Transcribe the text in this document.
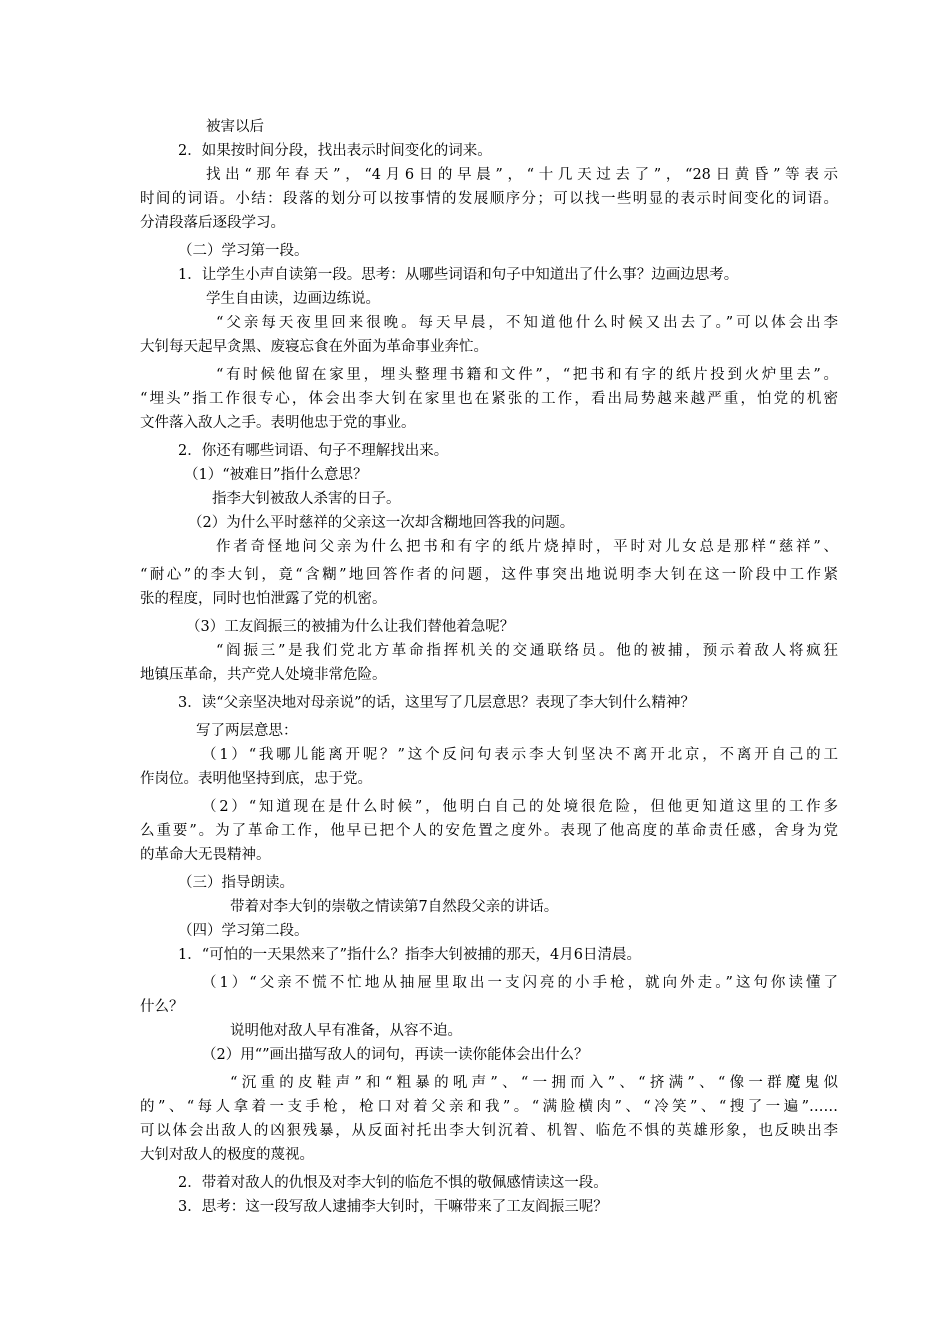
被害以后
2．如果按时间分段，找出表示时间变化的词来。
找出“那年春天”，“4月6日的早晨”，“十几天过去了”，“28日黄昏”等表示
时间的词语。小结：段落的划分可以按事情的发展顺序分；可以找一些明显的表示时间变化的词语。
分清段落后逐段学习。
（二）学习第一段。
1．让学生小声自读第一段。思考：从哪些词语和句子中知道出了什么事？边画边思考。
学生自由读，边画边练说。
“父亲每天夜里回来很晚。每天早晨，不知道他什么时候又出去了。”可以体会出李
大钊每天起早贪黑、废寝忘食在外面为革命事业奔忙。
“有时候他留在家里，埋头整理书籍和文件”，“把书和有字的纸片投到火炉里去”。
“埋头”指工作很专心，体会出李大钊在家里也在紧张的工作，看出局势越来越严重，怕党的机密
文件落入敌人之手。表明他忠于党的事业。
2．你还有哪些词语、句子不理解找出来。
（1）“被难日”指什么意思？
指李大钊被敌人杀害的日子。
（2）为什么平时慈祥的父亲这一次却含糊地回答我的问题。
作者奇怪地问父亲为什么把书和有字的纸片烧掉时，平时对儿女总是那样“慈祥”、
“耐心”的李大钊，竟“含糊”地回答作者的问题，这件事突出地说明李大钊在这一阶段中工作紧
张的程度，同时也怕泄露了党的机密。
（3）工友阎振三的被捕为什么让我们替他着急呢？
“阎振三”是我们党北方革命指挥机关的交通联络员。他的被捕，预示着敌人将疯狂
地镇压革命，共产党人处境非常危险。
3．读“父亲坚决地对母亲说”的话，这里写了几层意思？表现了李大钊什么精神？
写了两层意思：
（1）“我哪儿能离开呢？”这个反问句表示李大钊坚决不离开北京，不离开自己的工
作岗位。表明他坚持到底，忠于党。
（2）“知道现在是什么时候”，他明白自己的处境很危险，但他更知道这里的工作多
么重要”。为了革命工作，他早已把个人的安危置之度外。表现了他高度的革命责任感，舍身为党
的革命大无畏精神。
（三）指导朗读。
带着对李大钊的崇敬之情读第7自然段父亲的讲话。
（四）学习第二段。
1．“可怕的一天果然来了”指什么？指李大钊被捕的那天，4月6日清晨。
（1）“父亲不慌不忙地从抽屉里取出一支闪亮的小手枪，就向外走。”这句你读懂了
什么？
说明他对敌人早有准备，从容不迫。
（2）用“”画出描写敌人的词句，再读一读你能体会出什么？
“沉重的皮鞋声”和“粗暴的吼声”、“一拥而入”、“挤满”、“像一群魔鬼似
的”、“每人拿着一支手枪，枪口对着父亲和我”。“满脸横肉”、“冷笑”、“搜了一遍”……
可以体会出敌人的凶狠残暴，从反面衬托出李大钊沉着、机智、临危不惧的英雄形象，也反映出李
大钊对敌人的极度的蔑视。
2．带着对敌人的仇恨及对李大钊的临危不惧的敬佩感情读这一段。
3．思考：这一段写敌人逮捕李大钊时，干嘛带来了工友阎振三呢？
